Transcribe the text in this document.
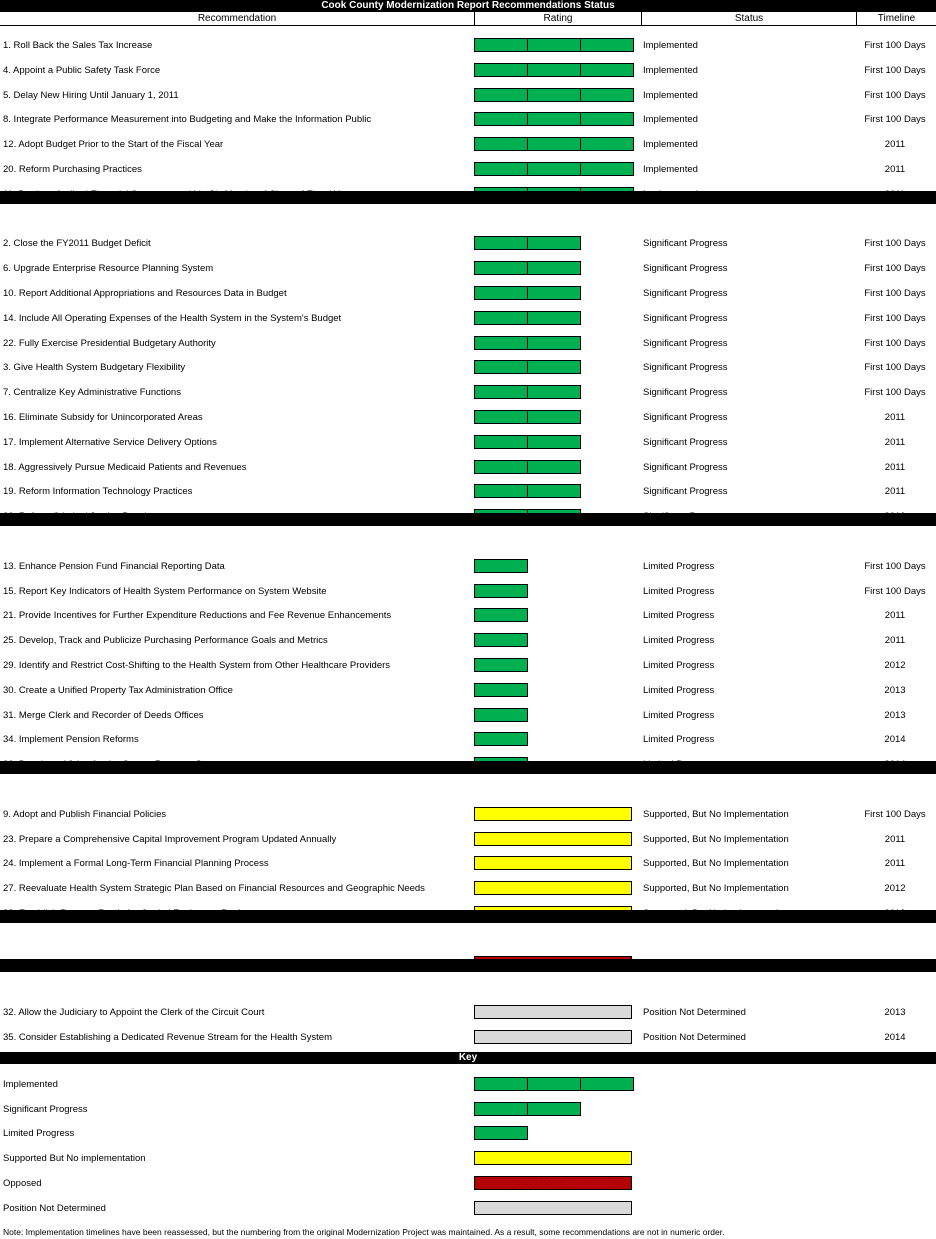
Cook County Modernization Report Recommendations Status
Recommendation	Rating	Status	Timeline
1. Roll Back the Sales Tax Increase	Implemented	First 100 Days
4. Appoint a Public Safety Task Force	Implemented	First 100 Days
5. Delay New Hiring Until January 1, 2011	Implemented	First 100 Days
8. Integrate Performance Measurement into Budgeting and Make the Information Public	Implemented	First 100 Days
12. Adopt Budget Prior to the Start of the Fiscal Year	Implemented	2011
20. Reform Purchasing Practices	Implemented	2011
2. Close the FY2011 Budget Deficit	Significant Progress	First 100 Days
6. Upgrade Enterprise Resource Planning System	Significant Progress	First 100 Days
10. Report Additional Appropriations and Resources Data in Budget	Significant Progress	First 100 Days
14. Include All Operating Expenses of the Health System in the System's Budget	Significant Progress	First 100 Days
22. Fully Exercise Presidential Budgetary Authority	Significant Progress	First 100 Days
3. Give Health System Budgetary Flexibility	Significant Progress	First 100 Days
7. Centralize Key Administrative Functions	Significant Progress	First 100 Days
16. Eliminate Subsidy for Unincorporated Areas	Significant Progress	2011
17. Implement Alternative Service Delivery Options	Significant Progress	2011
18. Aggressively Pursue Medicaid Patients and Revenues	Significant Progress	2011
19. Reform Information Technology Practices	Significant Progress	2011
13. Enhance Pension Fund Financial Reporting Data	Limited Progress	First 100 Days
15. Report Key Indicators of Health System Performance on System Website	Limited Progress	First 100 Days
21. Provide Incentives for Further Expenditure Reductions and Fee Revenue Enhancements	Limited Progress	2011
25. Develop, Track and Publicize Purchasing Performance Goals and Metrics	Limited Progress	2011
29. Identify and Restrict Cost-Shifting to the Health System from Other Healthcare Providers	Limited Progress	2012
30. Create a Unified Property Tax Administration Office	Limited Progress	2013
31. Merge Clerk and Recorder of Deeds Offices	Limited Progress	2013
34. Implement Pension Reforms	Limited Progress	2014
9. Adopt and Publish Financial Policies	Supported, But No Implementation	First 100 Days
23. Prepare a Comprehensive Capital Improvement Program Updated Annually	Supported, But No Implementation	2011
24. Implement a Formal Long-Term Financial Planning Process	Supported, But No Implementation	2011
27. Reevaluate Health System Strategic Plan Based on Financial Resources and Geographic Needs	Supported, But No Implementation	2012
32. Allow the Judiciary to Appoint the Clerk of the Circuit Court	Position Not Determined	2013
35. Consider Establishing a Dedicated Revenue Stream for the Health System	Position Not Determined	2014
Key
Implemented
Significant Progress
Limited Progress
Supported But No implementation
Opposed
Position Not Determined
Note: Implementation timelines have been reassessed, but the numbering from the original Modernization Project was maintained. As a result, some recommendations are not in numeric order.
